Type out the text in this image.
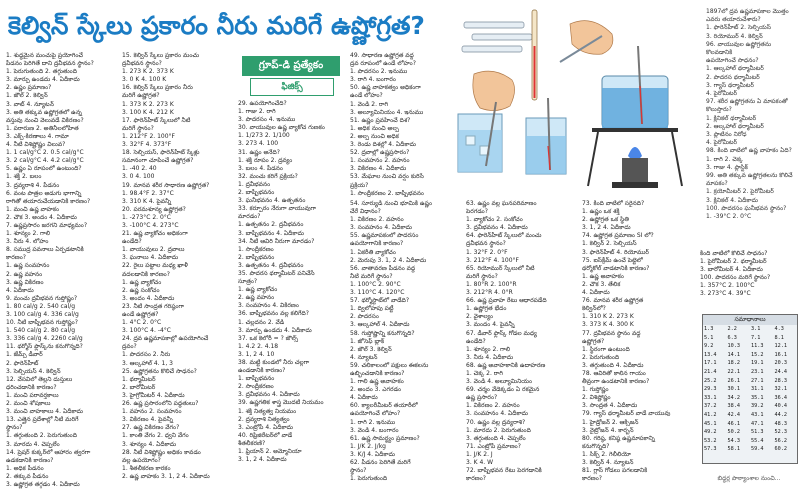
కెల్విన్ స్కేలు ప్రకారం నీరు మరిగే ఉష్ణోగ్రత?	1897లో ద్రవ ఉష్ణమాపకాల మొత్తం

ఎవరు తయారుచేశారు?

1. ఫారెన్‌హీట్ 2. సెల్సియస్

3. రియోముర్‌ 4. కెల్విన్

96. వాయువుల ఉష్ణోగ్రతను కొలవడానికి

ఉపయోగించే సాధనం?

1. ఆల్కహాల్ థర్మామీటర్

2. పాదరస థర్మామీటర్

3. గ్యాస్ థర్మామీటర్

4. పైరోమీటర్

97. శరీర ఉష్ణోగ్రతను ఏ మాపకంతో

కొలుస్తారు?

1. క్లినికల్ థర్మామీటర్

2. ఆల్కహాల్ థర్మామీటర్

3. ప్లాటినం నిరోధ

4. పైరోమీటర్

98. కింది వాటిలో ఉష్ణ వాహకం ఏది?

1. రాగి 2. చెక్క

3. గాజు 4. ప్లాస్టిక్

99. అతి తక్కువ ఉష్ణోగ్రతలను కొలిచే

మాపకం?

1. క్రయోమీటర్ 2. పైరోమీటర్

3. క్లినికల్ 4. ఏదీకాదు

100. పాదరసం ఘనీభవన స్థానం?

1. -39°C 2. 0°C

గ్రూప్-డి ప్రత్యేకం
ఫిజిక్స్

1. శుద్ధమైన మంచుపై ప్రయోగించే

పీడనం పెరిగితే దాని ద్రవీభవన స్థానం?

1. పెరుగుతుంది 2. తగ్గుతుంది

3. మార్పు ఉండదు 4. ఏదీకాదు

2. ఉష్ణం ప్రమాణం?

1. జౌల్ 2. కెల్విన్

3. వాట్ 4. న్యూటన్

3. అతి తక్కువ ఉష్ణోగ్రతలో ఉన్న

వస్తువు నుంచి వెలువడే వికిరణం?

1. పరారుణ 2. అతినీలలోహిత

3. ఎక్స్-కిరణాలు 4. గామా

4. నీటి విశిష్టోష్ణం విలువ?

1. 1 cal/g°C 2. 0.5 cal/g°C

3. 2 cal/g°C 4. 4.2 cal/g°C

5. ఉష్ణం ఏ రూపంలో ఉంటుంది?

1. శక్తి 2. బలం

3. ద్రవ్యరాశి 4. పీడనం

6. వంట పాత్రల అడుగు భాగాన్ని

రాగితో తయారుచేయడానికి కారణం?

1. మంచి ఉష్ణ వాహకం

2. చౌక 3. అందం 4. ఏదీకాదు

7. ఉష్ణప్రసారం జరగని మాధ్యమం?

1. శూన్యం 2. గాలి

3. నీరు 4. లోహం

8. సముద్ర పవనాలు ఏర్పడటానికి

కారణం?

1. ఉష్ణ సంవహనం

2. ఉష్ణ వహనం

3. ఉష్ణ వికిరణం

4. ఏదీకాదు

9. మంచు ద్రవీభవన గుప్తోష్ణం?

1. 80 cal/g 2. 540 cal/g

3. 100 cal/g 4. 336 cal/g

10. నీటి బాష్పీభవన గుప్తోష్ణం?

1. 540 cal/g 2. 80 cal/g

3. 336 cal/g 4. 2260 cal/g

11. థర్మోస్ ఫ్లాస్క్‌ను కనుగొన్నది?

1. జేమ్స్ డీవార్

2. ఫారెన్‌హీట్

3. సెల్సియస్ 4. కెల్విన్

12. వేసవిలో తెల్లని దుస్తులు

ధరించడానికి కారణం?

1. మంచి పరావర్తకాలు

2. మంచి శోషకాలు

3. మంచి వాహకాలు 4. ఏదీకాదు

13. ఎత్తైన ప్రదేశాల్లో నీటి మరిగే

స్థానం?

1. తగ్గుతుంది 2. పెరుగుతుంది

3. మారదు 4. చెప్పలేం

14. ప్రెషర్ కుక్కర్‌లో ఆహారం త్వరగా

ఉడకడానికి కారణం?

1. అధిక పీడనం

2. తక్కువ పీడనం

3. ఉష్ణోగ్రత తగ్గడం 4. ఏదీకాదు

15. కెల్విన్ స్కేలు ప్రకారం మంచు

ద్రవీభవన స్థానం?

1. 273 K 2. 373 K

3. 0 K 4. 100 K

16. కెల్విన్ స్కేలు ప్రకారం నీరు

మరిగే ఉష్ణోగ్రత?

1. 373 K 2. 273 K

3. 100 K 4. 212 K

17. ఫారెన్‌హీట్ స్కేలులో నీటి

మరిగే స్థానం?

1. 212°F 2. 100°F

3. 32°F 4. 373°F

18. సెల్సియస్, ఫారెన్‌హీట్ స్కేళ్లు

సమానంగా చూపించే ఉష్ణోగ్రత?

1. -40 2. 40

3. 0 4. 100

19. మానవ శరీర సాధారణ ఉష్ణోగ్రత?

1. 98.4°F 2. 37°C

3. 310 K 4. పైవన్నీ

20. పరమశూన్య ఉష్ణోగ్రత?

1. -273°C 2. 0°C

3. -100°C 4. 273°C

21. ఉష్ణ వ్యాకోచం అధికంగా

ఉండేది?

1. వాయువులు 2. ద్రవాలు

3. ఘనాలు 4. ఏదీకాదు

22. రైలు పట్టాల మధ్య ఖాళీ

వదలడానికి కారణం?

1. ఉష్ణ వ్యాకోచం

2. ఉష్ణ సంకోచం

3. అందం 4. ఏదీకాదు

23. నీటి సాంద్రత గరిష్ఠంగా

ఉండే ఉష్ణోగ్రత?

1. 4°C 2. 0°C

3. 100°C 4. -4°C

24. ద్రవ ఉష్ణమాపకాల్లో ఉపయోగించే

ద్రవం?

1. పాదరసం 2. నీరు

3. ఆల్కహాల్ 4. 1, 3

25. ఉష్ణోగ్రతను కొలిచే సాధనం?

1. థర్మామీటర్

2. బారోమీటర్

3. హైగ్రోమీటర్ 4. ఏదీకాదు

26. ఉష్ణ ప్రసారంలోని పద్ధతులు?

1. వహనం 2. సంవహనం

3. వికిరణం 4. పైవన్నీ

27. ఉష్ణ వికిరణం వేగం?

1. కాంతి వేగం 2. ధ్వని వేగం

3. శూన్యం 4. ఏదీకాదు

28. నీటి విశిష్టోష్ణం అధికం కావడం

వల్ల ఉపయోగం?

1. శీతలీకరణ కారకం

2. ఉష్ణ వాహకం 3. 1, 2 4. ఏదీకాదు

29. ఉపయోగించేది?

1. గాజు 2. రాగి

3. పాదరసం 4. ఇనుము

30. వాయువుల ఉష్ణ వ్యాకోచ గుణకం

1. 1/273 2. 1/100

3. 273 4. 100

31. ఉష్ణం అనేది?

1. శక్తి రూపం 2. ద్రవ్యం

3. బలం 4. పీడనం

32. మంచు కరిగే ప్రక్రియ?

1. ద్రవీభవనం

2. బాష్పీభవనం

3. ఘనీభవనం 4. ఉత్పతనం

33. కర్పూరం నేరుగా వాయువుగా

మారడం?

1. ఉత్పతనం 2. ద్రవీభవనం

3. బాష్పీభవనం 4. ఏదీకాదు

34. నీటి ఆవిరి నీరుగా మారడం?

1. సాంద్రీకరణం

2. బాష్పీభవనం

3. ఉత్పతనం 4. ద్రవీభవనం

35. పాదరస థర్మామీటర్ పనిచేసే

సూత్రం?

1. ఉష్ణ వ్యాకోచం

2. ఉష్ణ వహనం

3. సంవహనం 4. వికిరణం

36. బాష్పీభవనం వల్ల కలిగేది?

1. చల్లదనం 2. వేడి

3. మార్పు ఉండదు 4. ఏదీకాదు

37. ఒక కెలోరీ = ? జౌల్స్

1. 4.2 2. 4.18

3. 1, 2 4. 10

38. మట్టి కుండలో నీరు చల్లగా

ఉండడానికి కారణం?

1. బాష్పీభవనం

2. సాంద్రీకరణం

3. ద్రవీభవనం 4. ఏదీకాదు

39. ఉష్ణగతిక శాస్త్ర మొదటి నియమం

1. శక్తి నిత్యత్వ నియమం

2. ద్రవ్యరాశి నిత్యత్వం

3. ఎంట్రోపీ 4. ఏదీకాదు

40. రిఫ్రిజిరేటర్‌లో వాడే

శీతలీకరణి?

1. ఫ్రియాన్ 2. అమ్మోనియా

3. 1, 2 4. ఏదీకాదు

49. సాధారణ ఉష్ణోగ్రత వద్ద

ద్రవ రూపంలో ఉండే లోహం?

1. పాదరసం 2. ఇనుము

3. రాగి 4. బంగారం

50. ఉష్ణ వాహకత్వం అధికంగా

ఉండే లోహం?

1. వెండి 2. రాగి

3. అల్యూమినియం 4. ఇనుము

51. ఉష్ణం ప్రవహించే దిశ?

1. అధిక నుంచి అల్ప

2. అల్ప నుంచి అధిక

3. రెండు దిశల్లో 4. ఏదీకాదు

52. ద్రవాల్లో ఉష్ణప్రసారం?

1. సంవహనం 2. వహనం

3. వికిరణం 4. ఏదీకాదు

53. మేఘాల నుంచి వర్షం కురిసే

ప్రక్రియ?

1. సాంద్రీకరణం 2. బాష్పీభవనం

54. సూర్యుడి నుంచి భూమికి ఉష్ణం

చేరే విధానం?

1. వికిరణం 2. వహనం

3. సంవహనం 4. ఏదీకాదు

55. ఉష్ణమాపకంలో పాదరసం

ఉపయోగానికి కారణం?

1. ఏకరీతి వ్యాకోచం

2. మెరుపు 3. 1, 2 4. ఏదీకాదు

56. వాతావరణ పీడనం వద్ద

నీటి మరిగే స్థానం?

1. 100°C 2. 90°C

3. 110°C 4. 120°C

57. థర్మోస్టాట్‌లో వాడేది?

1. ద్విలోహపు పట్టీ

2. పాదరసం

3. ఆల్కహాల్ 4. ఏదీకాదు

58. గుప్తోష్ణాన్ని కనుగొన్నది?

1. జోసెఫ్ బ్లాక్

2. జౌల్ 3. కెల్విన్

4. న్యూటన్

59. చలికాలంలో పక్షులు ఈకలను

ఉబ్బించడానికి కారణం?

1. గాలి ఉష్ణ అవాహకం

2. అందం 3. ఎగరడం

4. ఏదీకాదు

60. క్యాలరీమీటర్ తయారీలో

ఉపయోగించే లోహం?

1. రాగి 2. ఇనుము

3. వెండి 4. బంగారం

61. ఉష్ణ సామర్థ్యం ప్రమాణం?

1. J/K 2. J/kg

3. K/J 4. ఏదీకాదు

62. పీడనం పెరిగితే మరిగే

స్థానం?

1. పెరుగుతుంది

63. ఉష్ణం వల్ల ఘనపరిమాణం

పెరగడం?

1. వ్యాకోచం 2. సంకోచం

3. ద్రవీభవనం 4. ఏదీకాదు

64. ఫారెన్‌హీట్ స్కేలులో మంచు

ద్రవీభవన స్థానం?

1. 32°F 2. 0°F

3. 212°F 4. 100°F

65. రియోముర్ స్కేలులో నీటి

మరిగే స్థానం?

1. 80°R 2. 100°R

3. 212°R 4. 0°R

66. ఉష్ణ ప్రవాహ రేటు ఆధారపడేది

1. ఉష్ణోగ్రత భేదం

2. వైశాల్యం

3. మందం 4. పైవన్నీ

67. డీవార్ ఫ్లాస్క్ గోడల మధ్య

ఉండేది?

1. శూన్యం 2. గాలి

3. నీరు 4. ఏదీకాదు

68. ఉష్ణ అవాహకానికి ఉదాహరణ

1. చెక్క 2. రాగి

3. వెండి 4. అల్యూమినియం

69. చర్మం వేడెక్కడం ఏ రకమైన

ఉష్ణ ప్రసారం?

1. వికిరణం 2. వహనం

3. సంవహనం 4. ఏదీకాదు

70. ఉష్ణం వల్ల ద్రవ్యరాశి?

1. మారదు 2. పెరుగుతుంది

3. తగ్గుతుంది 4. చెప్పలేం

71. ఎంట్రోపీ ప్రమాణం?

1. J/K 2. J

3. K 4. W

72. బాష్పీభవన రేటు పెరగడానికి

కారణం?

73. కింది వాటిలో సరైనది?

1. ఉష్ణం ఒక శక్తి

2. ఉష్ణోగ్రత ఒక స్థితి

3. 1, 2 4. ఏదీకాదు

74. ఉష్ణోగ్రత ప్రమాణం SI లో?

1. కెల్విన్ 2. సెల్సియస్

3. ఫారెన్‌హీట్ 4. రియోముర్

75. ఐస్‌క్రీమ్ ఉంచే పెట్టెలో

థర్మోకోల్ వాడటానికి కారణం?

1. ఉష్ణ అవాహకం

2. చౌక 3. తేలిక

4. ఏదీకాదు

76. మానవ శరీర ఉష్ణోగ్రత

కెల్విన్‌లో?

1. 310 K 2. 273 K

3. 373 K 4. 300 K

77. ద్రవీభవన స్థానం వద్ద

ఉష్ణోగ్రత?

1. స్థిరంగా ఉంటుంది

2. పెరుగుతుంది

3. తగ్గుతుంది 4. ఏదీకాదు

78. ఆవిరితో కాలిన గాయం

తీవ్రంగా ఉండటానికి కారణం?

1. గుప్తోష్ణం

2. విశిష్టోష్ణం

3. సాంద్రత 4. ఏదీకాదు

79. గ్యాస్ థర్మామీటర్ వాడే వాయువు

1. హైడ్రోజన్ 2. ఆక్సిజన్

3. నైట్రోజన్ 4. కార్బన్

80. గరిష్ఠ, కనిష్ఠ ఉష్ణమాపకాన్ని

కనుగొన్నది?

1. సిక్స్ 2. గెలీలియో

3. కెల్విన్ 4. న్యూటన్

81. గ్లాస్ గోడలు పగలడానికి

కారణం?

కింది వాటిలో కొలిచే సాధనం?

1. పైరోమీటర్ 2. థర్మామీటర్

3. బారోమీటర్ 4. ఏదీకాదు

100. పాదరసం మరిగే స్థానం?

1. 357°C 2. 100°C

3. 273°C 4. 39°C

సమాధానాలు
1.3	2.2	3.1	4.3
5.1	6.3	7.1	8.1
9.2	10.3	11.3	12.1
13.4	14.1	15.2	16.1
17.1	18.2	19.1	20.3
21.4	22.1	23.1	24.4
25.2	26.1	27.1	28.3
29.3	30.1	31.1	32.1
33.1	34.2	35.1	36.4
37.2	38.4	39.2	40.4
41.2	42.4	43.1	44.2
45.1	46.1	47.1	48.3
49.2	50.2	51.3	52.3
53.2	54.3	55.4	56.2
57.3	58.1	59.4	60.2
బిద్ధర్ల పాఠ్యాంశాల నుంచి...
